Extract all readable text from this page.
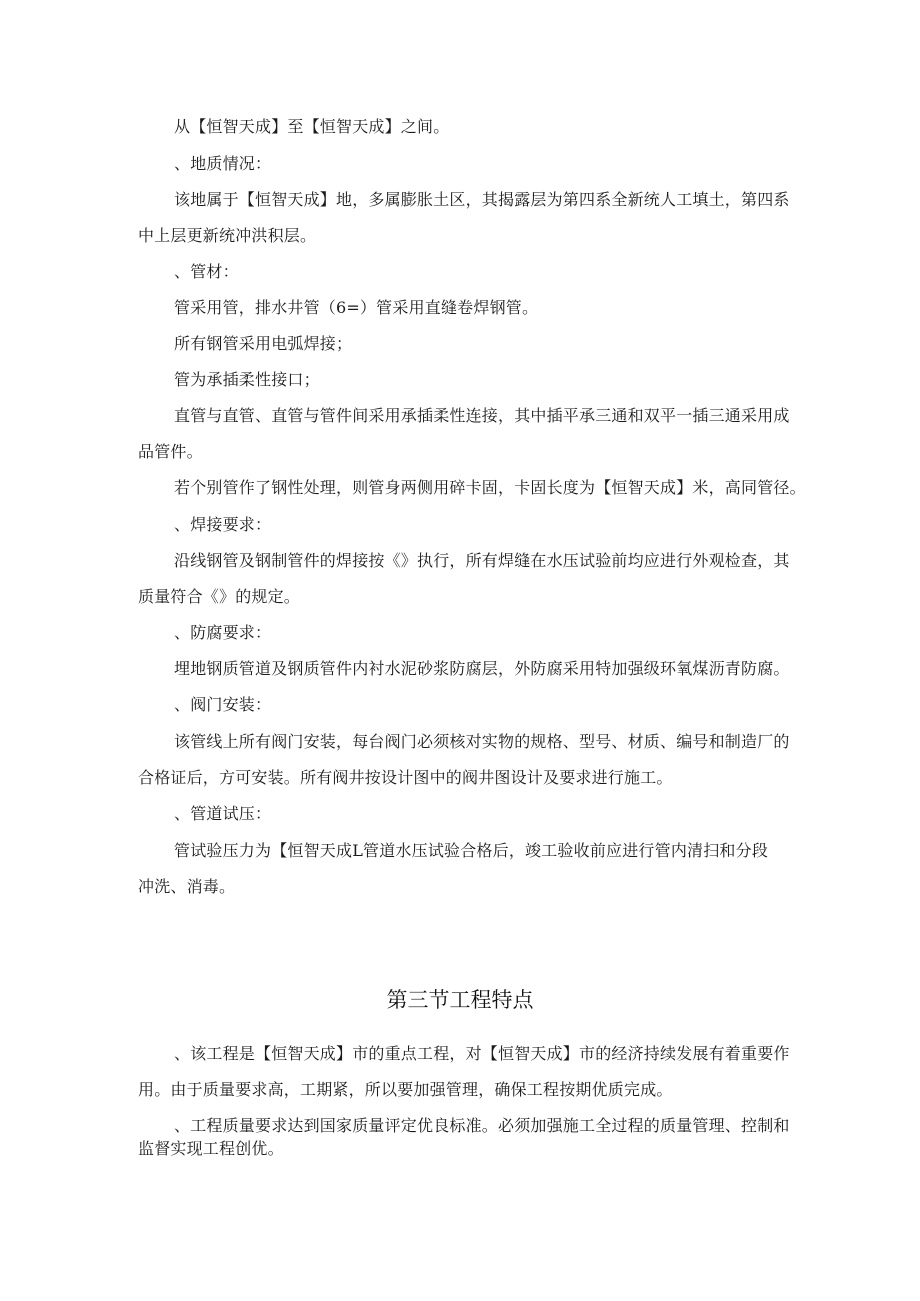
从【恒智天成】至【恒智天成】之间。
、地质情况：
该地属于【恒智天成】地，多属膨胀土区，其揭露层为第四系全新统人工填土，第四系
中上层更新统冲洪积层。
、管材：
管采用管，排水井管（6=）管采用直缝卷焊钢管。
所有钢管采用电弧焊接；
管为承插柔性接口；
直管与直管、直管与管件间采用承插柔性连接，其中插平承三通和双平一插三通采用成
品管件。
若个别管作了钢性处理，则管身两侧用碎卡固，卡固长度为【恒智天成】米，高同管径。
、焊接要求：
沿线钢管及钢制管件的焊接按《》执行，所有焊缝在水压试验前均应进行外观检查，其
质量符合《》的规定。
、防腐要求：
埋地钢质管道及钢质管件内衬水泥砂浆防腐层，外防腐采用特加强级环氧煤沥青防腐。
、阀门安装：
该管线上所有阀门安装，每台阀门必须核对实物的规格、型号、材质、编号和制造厂的
合格证后，方可安装。所有阀井按设计图中的阀井图设计及要求进行施工。
、管道试压：
管试验压力为【恒智天成L管道水压试验合格后，竣工验收前应进行管内清扫和分段
冲洗、消毒。
第三节工程特点
、该工程是【恒智天成】市的重点工程，对【恒智天成】市的经济持续发展有着重要作
用。由于质量要求高，工期紧，所以要加强管理，确保工程按期优质完成。
、工程质量要求达到国家质量评定优良标准。必须加强施工全过程的质量管理、控制和
监督实现工程创优。
